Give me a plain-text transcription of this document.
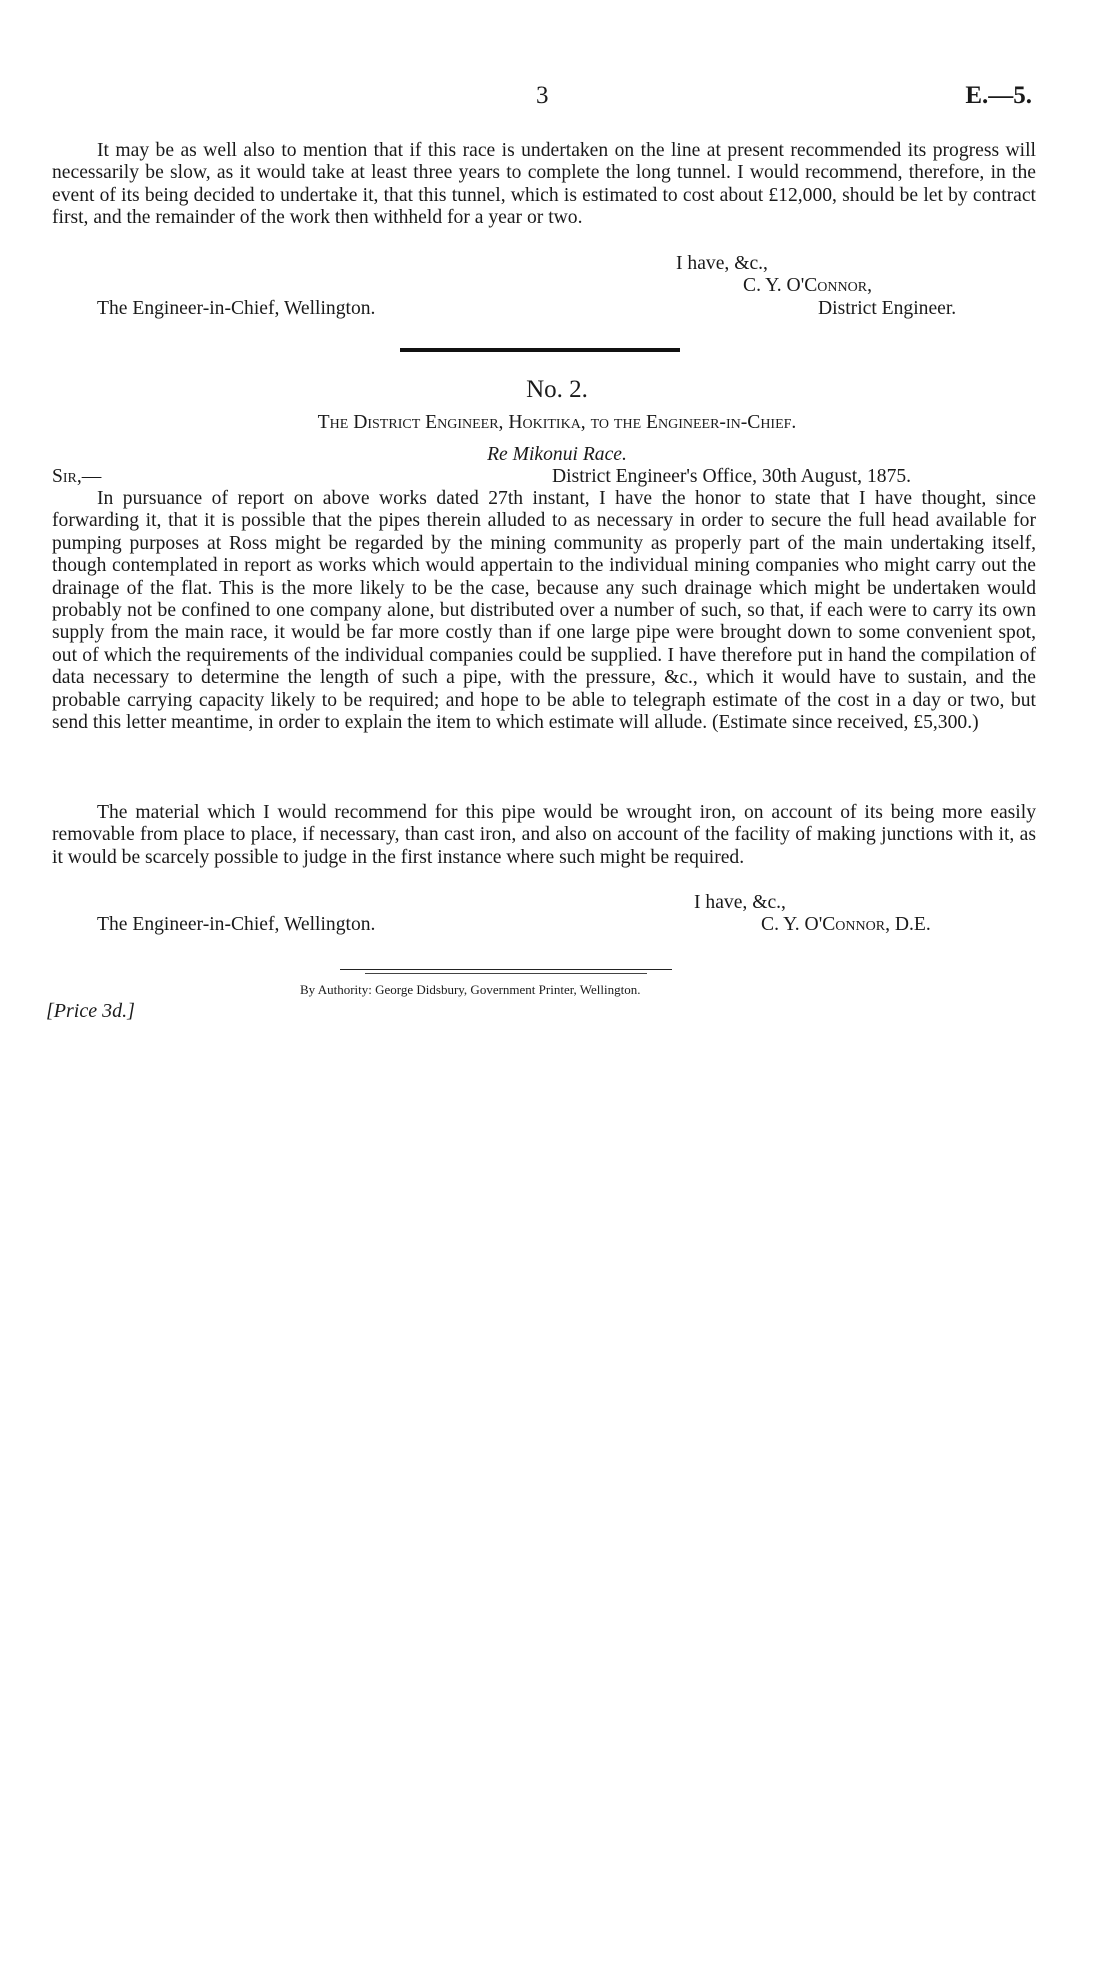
3	E.—5.

It may be as well also to mention that if this race is undertaken on the line at present recommended its progress will necessarily be slow, as it would take at least three years to complete the long tunnel. I would recommend, therefore, in the event of its being decided to undertake it, that this tunnel, which is estimated to cost about £12,000, should be let by contract first, and the remainder of the work then withheld for a year or two.

I have, &c.,
C. Y. O'Connor,
The Engineer-in-Chief, Wellington.	District Engineer.
No. 2.
The District Engineer, Hokitika, to the Engineer-in-Chief.
Re Mikonui Race.
Sir,—	District Engineer's Office, 30th August, 1875.

In pursuance of report on above works dated 27th instant, I have the honor to state that I have thought, since forwarding it, that it is possible that the pipes therein alluded to as necessary in order to secure the full head available for pumping purposes at Ross might be regarded by the mining community as properly part of the main undertaking itself, though contemplated in report as works which would appertain to the individual mining companies who might carry out the drainage of the flat. This is the more likely to be the case, because any such drainage which might be undertaken would probably not be confined to one company alone, but distributed over a number of such, so that, if each were to carry its own supply from the main race, it would be far more costly than if one large pipe were brought down to some convenient spot, out of which the requirements of the individual companies could be supplied. I have therefore put in hand the compilation of data necessary to determine the length of such a pipe, with the pressure, &c., which it would have to sustain, and the probable carrying capacity likely to be required; and hope to be able to telegraph estimate of the cost in a day or two, but send this letter meantime, in order to explain the item to which estimate will allude. (Estimate since received, £5,300.)

The material which I would recommend for this pipe would be wrought iron, on account of its being more easily removable from place to place, if necessary, than cast iron, and also on account of the facility of making junctions with it, as it would be scarcely possible to judge in the first instance where such might be required.

I have, &c.,
The Engineer-in-Chief, Wellington.	C. Y. O'Connor, D.E.
By Authority: George Didsbury, Government Printer, Wellington.
[Price 3d.]
